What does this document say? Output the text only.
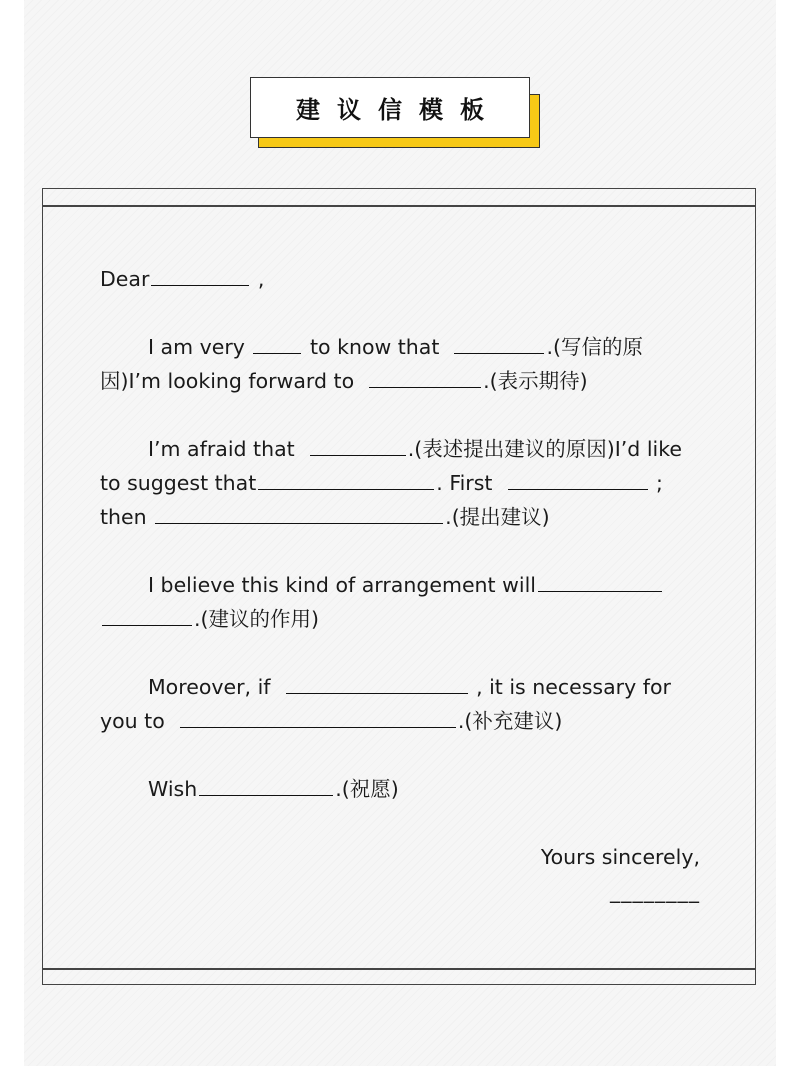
建议信模板

Dear	,

I am very	to know that	.(写信的原因)I’m looking forward to	.(表示期待)

I’m afraid that	.(表述提出建议的原因)I’d like to suggest that	. First	; then	.(提出建议)

I believe this kind of arrangement will .(建议的作用)

Moreover, if	, it is necessary for you to	.(补充建议)

Wish	.(祝愿)

Yours sincerely,

________
